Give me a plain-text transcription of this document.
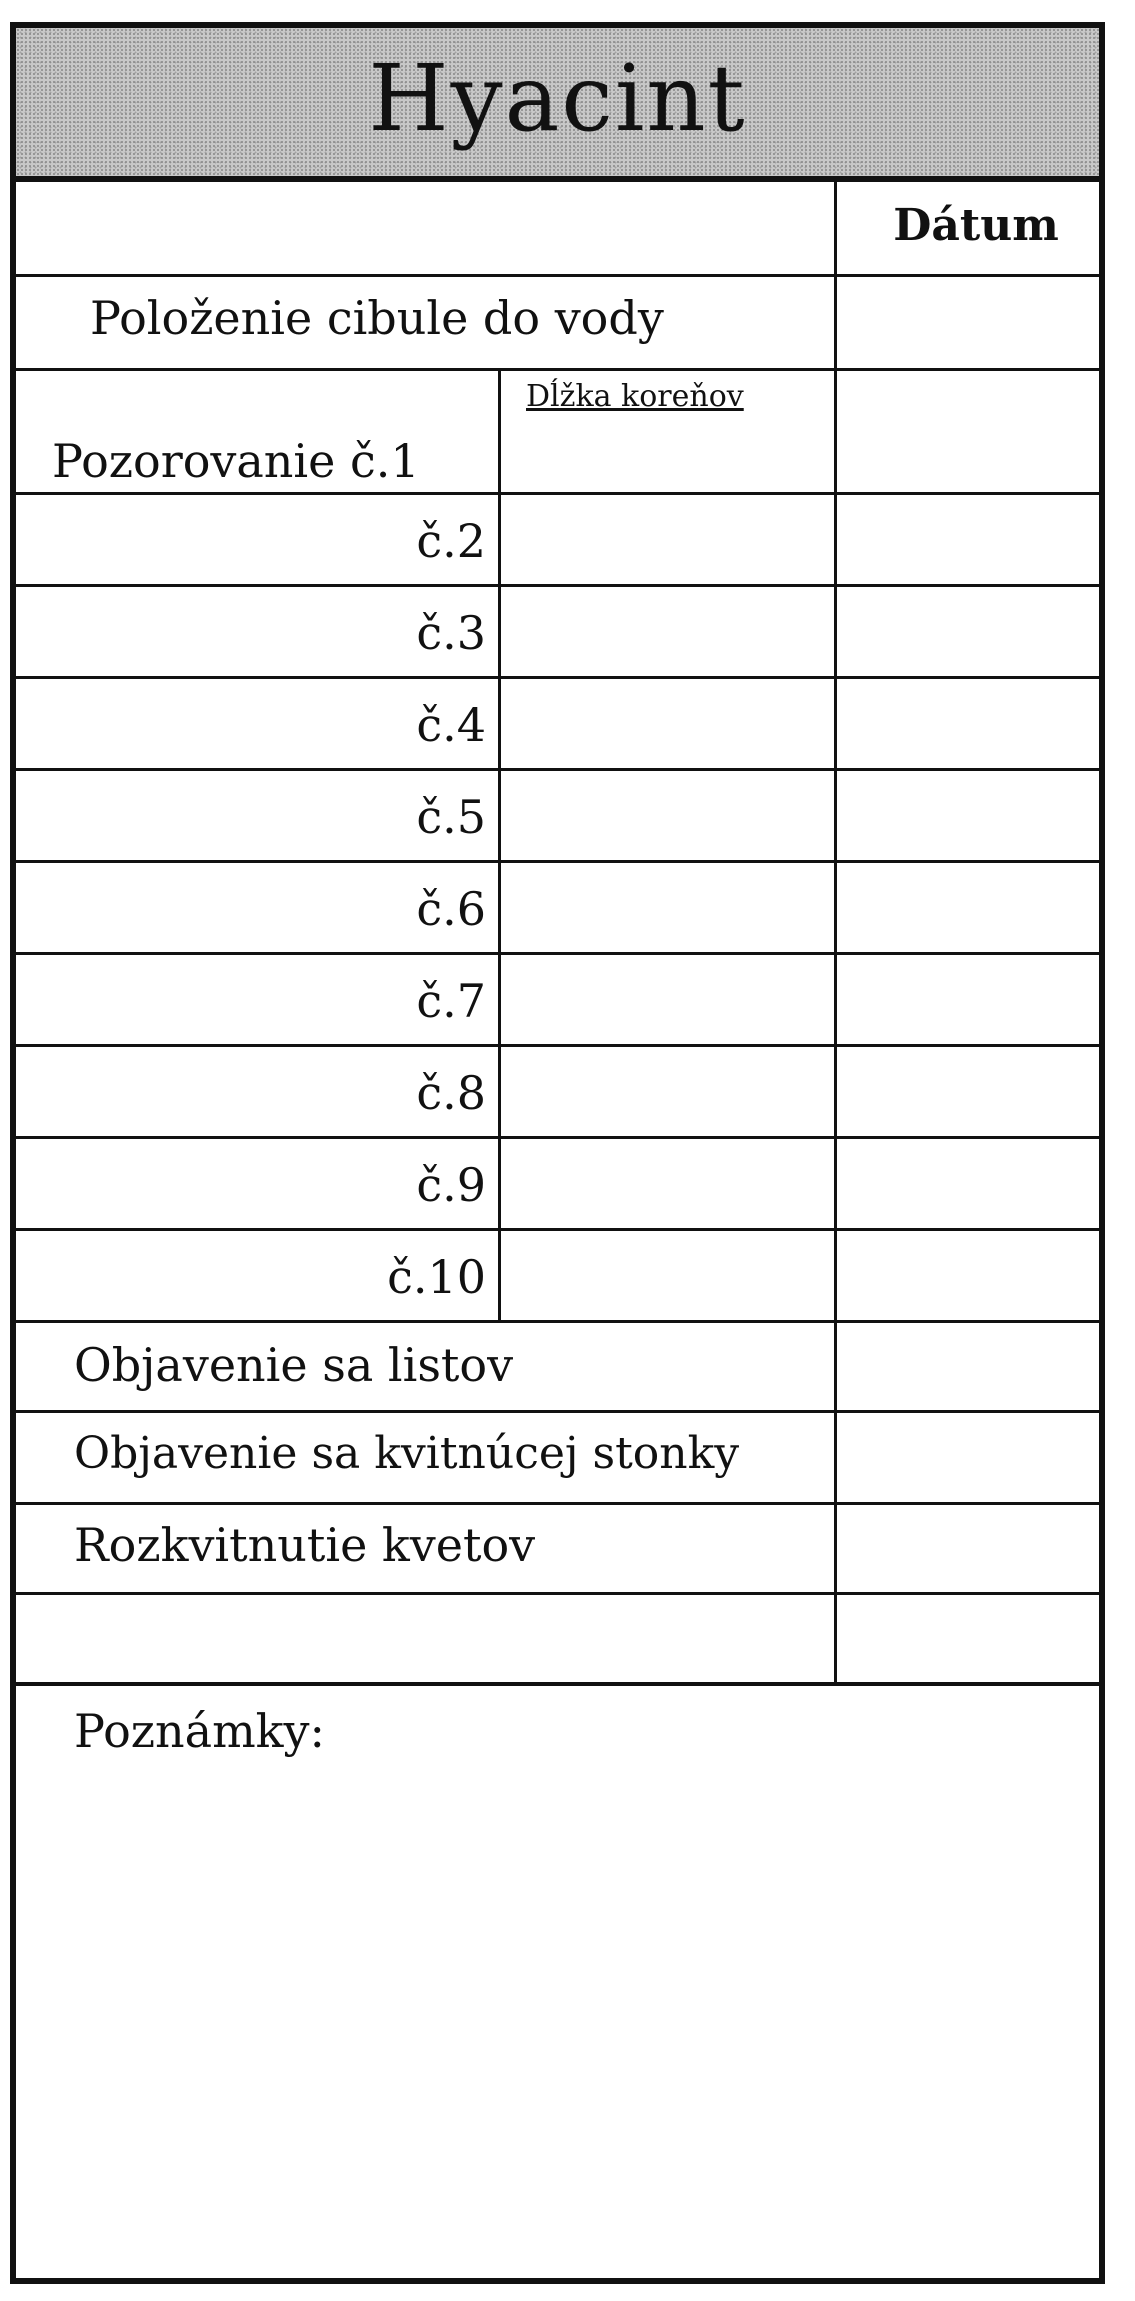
Hyacint
Dátum
Položenie cibule do vody
Dĺžka koreňov
Pozorovanie č.1
č.2
č.3
č.4
č.5
č.6
č.7
č.8
č.9
č.10
Objavenie sa listov
Objavenie sa kvitnúcej stonky
Rozkvitnutie kvetov
Poznámky:
